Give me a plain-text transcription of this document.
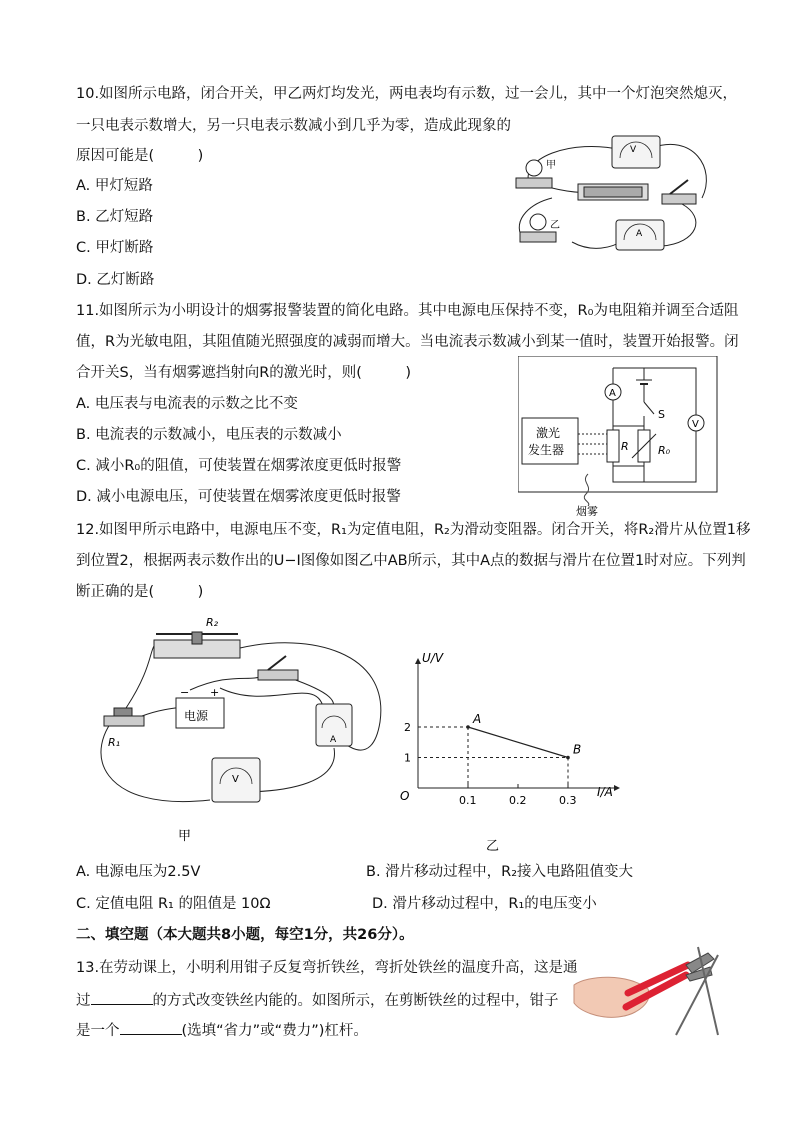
10.如图所示电路，闭合开关，甲乙两灯均发光，两电表均有示数，过一会儿，其中一个灯泡突然熄灭，
一只电表示数增大，另一只电表示数减小到几乎为零，造成此现象的
原因可能是(　　　)
A. 甲灯短路
B. 乙灯短路
C. 甲灯断路
D. 乙灯断路
V
甲
乙
A
11.如图所示为小明设计的烟雾报警装置的简化电路。其中电源电压保持不变，R₀为电阻箱并调至合适阻
值，R为光敏电阻，其阻值随光照强度的减弱而增大。当电流表示数减小到某一值时，装置开始报警。闭
合开关S，当有烟雾遮挡射向R的激光时，则(　　　)
A. 电压表与电流表的示数之比不变
B. 电流表的示数减小，电压表的示数减小
C. 减小R₀的阻值，可使装置在烟雾浓度更低时报警
D. 减小电源电压，可使装置在烟雾浓度更低时报警
A
V
S
R	R₀
激光
发生器
烟雾
12.如图甲所示电路中，电源电压不变，R₁为定值电阻，R₂为滑动变阻器。闭合开关，将R₂滑片从位置1移
到位置2，根据两表示数作出的U−I图像如图乙中AB所示，其中A点的数据与滑片在位置1时对应。下列判
断正确的是(　　　)
R₂
− +
电源
R₁	A
V
甲
U/V
I/A
O
乙
0.1	0.2	0.3
1
2
A
B
A. 电源电压为2.5V	B. 滑片移动过程中，R₂接入电路阻值变大
C. 定值电阻 R₁ 的阻值是 10Ω	D. 滑片移动过程中，R₁的电压变小
二、填空题（本大题共8小题，每空1分，共26分）。
13.在劳动课上，小明利用钳子反复弯折铁丝，弯折处铁丝的温度升高，这是通
过	的方式改变铁丝内能的。如图所示，在剪断铁丝的过程中，钳子
是一个	(选填“省力”或“费力”)杠杆。
